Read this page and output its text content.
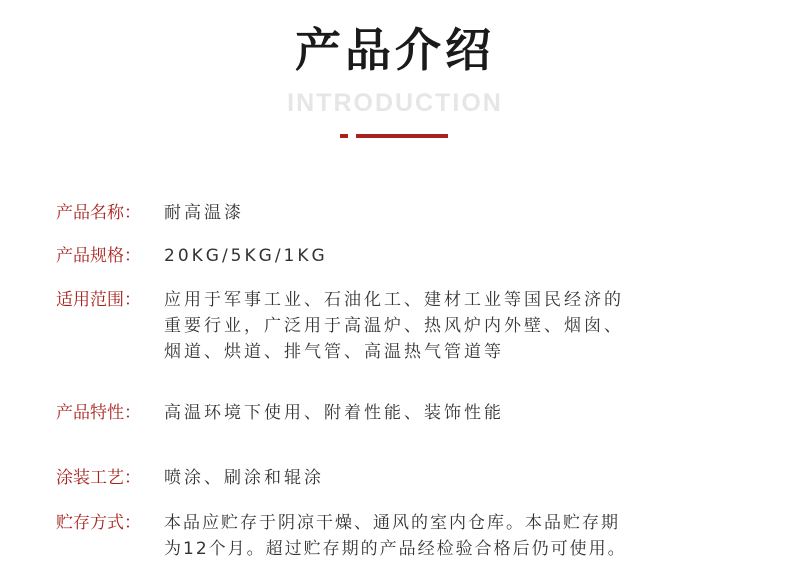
产品介绍
INTRODUCTION
产品名称：	耐高温漆
产品规格：	20KG/5KG/1KG
适用范围：	应用于军事工业、石油化工、建材工业等国民经济的
重要行业，广泛用于高温炉、热风炉内外壁、烟囱、
烟道、烘道、排气管、高温热气管道等
产品特性：	高温环境下使用、附着性能、装饰性能
涂装工艺：	喷涂、刷涂和辊涂
贮存方式：	本品应贮存于阴凉干燥、通风的室内仓库。本品贮存期
为12个月。超过贮存期的产品经检验合格后仍可使用。
